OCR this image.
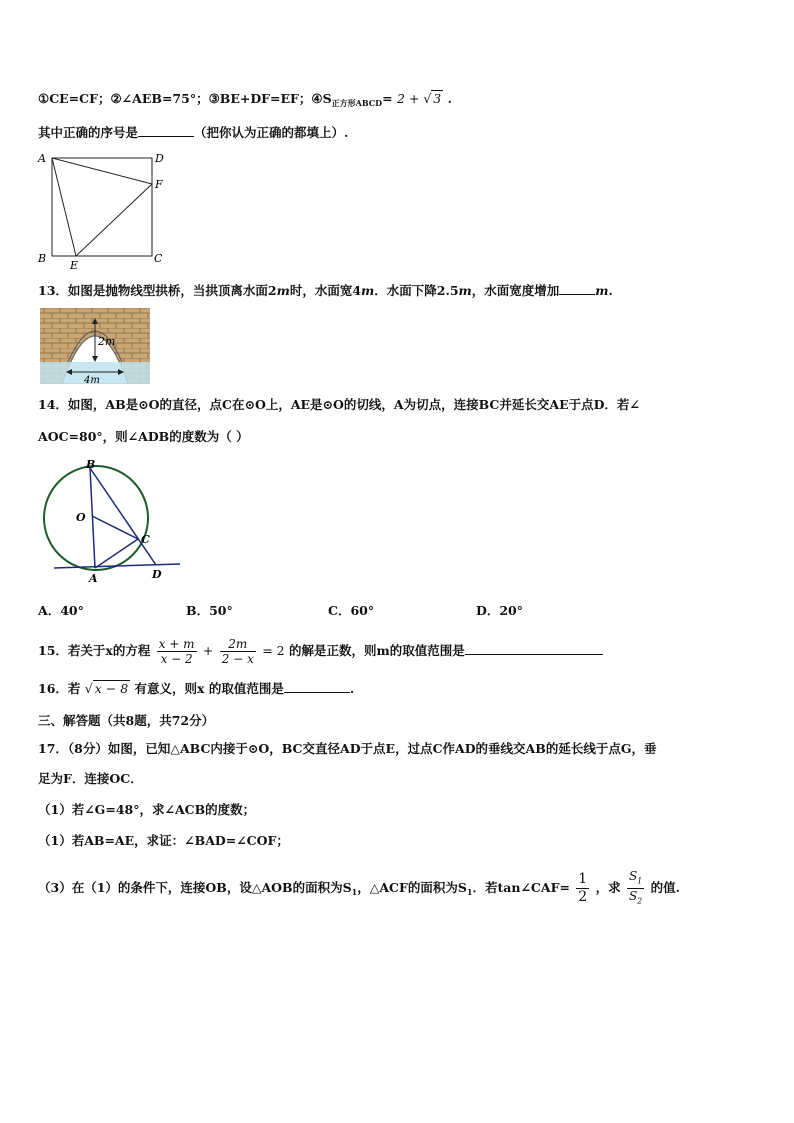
①CE=CF；②∠AEB=75°；③BE+DF=EF；$④S_{正方形ABCD}= 2$ + √ 3 .
其中正确的序号是	（把你认为正确的都填上）.
A	D
F
B
E
C
13．如图是抛物线型拱桥，当拱顶离水面2m时，水面宽4m．水面下降2.5m，水面宽度增加	m.
2m
4m
14．如图，AB是⊙O的直径，点C在⊙O上，AE是⊙O的切线，A为切点，连接BC并延长交AE于点D．若∠
AOC=80°，则∠ADB的度数为（ ）
B
O
C
A	D
A．40°	B．50°	C．60°	D．20°
15．若关于x的方程 $\frac{x + m}{x - 2} + \frac{2m}{2 - x} = 2$ 的解是正数，则m的取值范围是
16．若 √ x − 8 有意义，则x 的取值范围是	.
三、解答题（共8题，共72分）
17．（8分）如图，已知△ABC内接于⊙O，BC交直径AD于点E，过点C作AD的垂线交AB的延长线于点G，垂
足为F．连接OC．
（1）若∠G=48°，求∠ACB的度数；
（1）若AB=AE，求证：∠BAD=∠COF；
（3）在（1）的条件下，连接OB，设△AOB的面积为$S_1$，△ACF的面积为$S_1$．若tan∠CAF= $\frac{1}{2}$ ，求 $\frac{S_1}{S_2}$ 的值.
